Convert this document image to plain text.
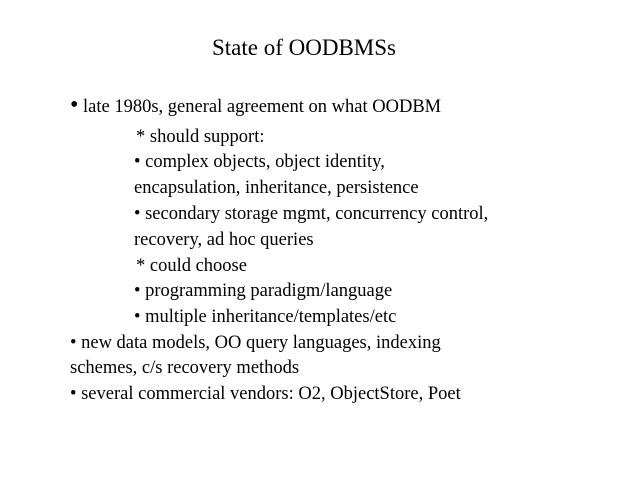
State of OODBMSs
• late 1980s, general agreement on what OODBM
* should support:
• complex objects, object identity,
encapsulation, inheritance, persistence
• secondary storage mgmt, concurrency control,
recovery, ad hoc queries
* could choose
• programming paradigm/language
• multiple inheritance/templates/etc
• new data models, OO query languages, indexing
schemes, c/s recovery methods
• several commercial vendors: O2, ObjectStore, Poet
